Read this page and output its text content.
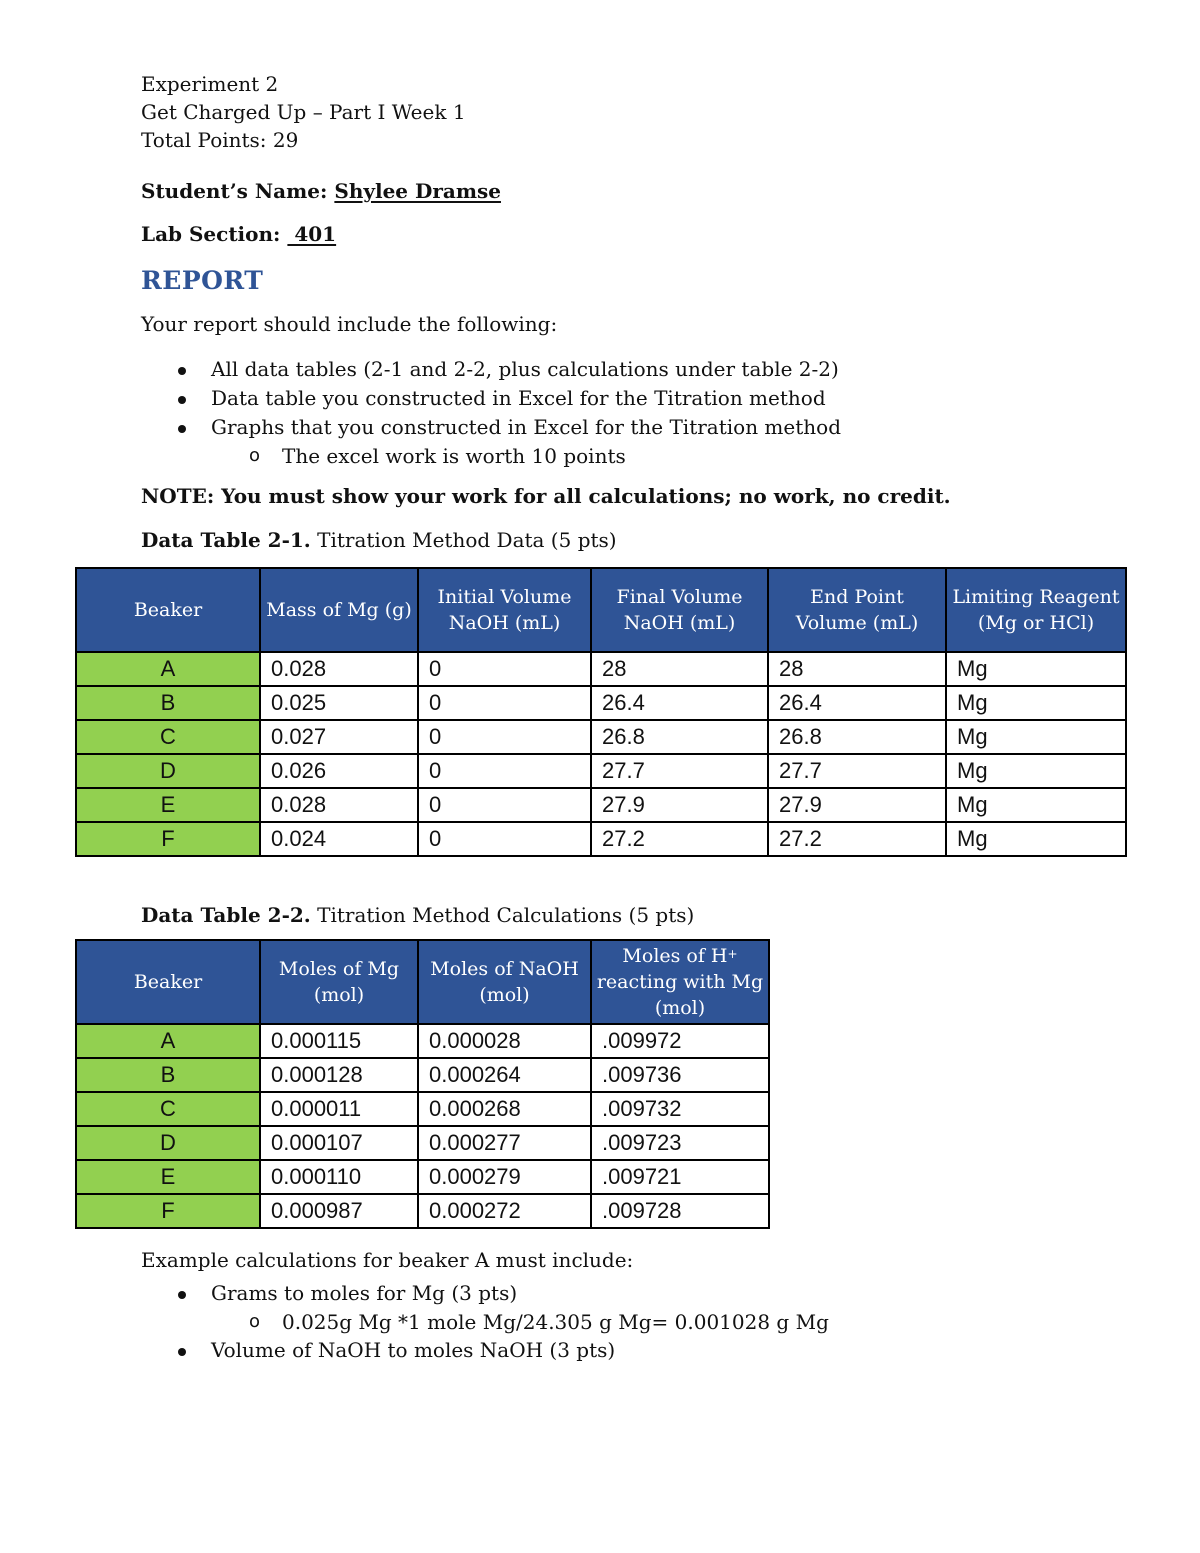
Experiment 2
Get Charged Up – Part I Week 1
Total Points: 29
Student’s Name: Shylee Dramse
Lab Section:  401
REPORT
Your report should include the following:
All data tables (2-1 and 2-2, plus calculations under table 2-2)
Data table you constructed in Excel for the Titration method
Graphs that you constructed in Excel for the Titration method
o The excel work is worth 10 points
NOTE: You must show your work for all calculations; no work, no credit.
Data Table 2-1. Titration Method Data (5 pts)
Beaker	Mass of Mg (g)	Initial Volume NaOH (mL)	Final Volume NaOH (mL)	End Point Volume (mL)	Limiting Reagent (Mg or HCl)
A	0.028	0	28	28	Mg
B	0.025	0	26.4	26.4	Mg
C	0.027	0	26.8	26.8	Mg
D	0.026	0	27.7	27.7	Mg
E	0.028	0	27.9	27.9	Mg
F	0.024	0	27.2	27.2	Mg
Data Table 2-2. Titration Method Calculations (5 pts)
Beaker	Moles of Mg (mol)	Moles of NaOH (mol)	Moles of H+ reacting with Mg (mol)
A	0.000115	0.000028	.009972
B	0.000128	0.000264	.009736
C	0.000011	0.000268	.009732
D	0.000107	0.000277	.009723
E	0.000110	0.000279	.009721
F	0.000987	0.000272	.009728
Example calculations for beaker A must include:
Grams to moles for Mg (3 pts)
o 0.025g Mg *1 mole Mg/24.305 g Mg= 0.001028 g Mg
Volume of NaOH to moles NaOH (3 pts)
